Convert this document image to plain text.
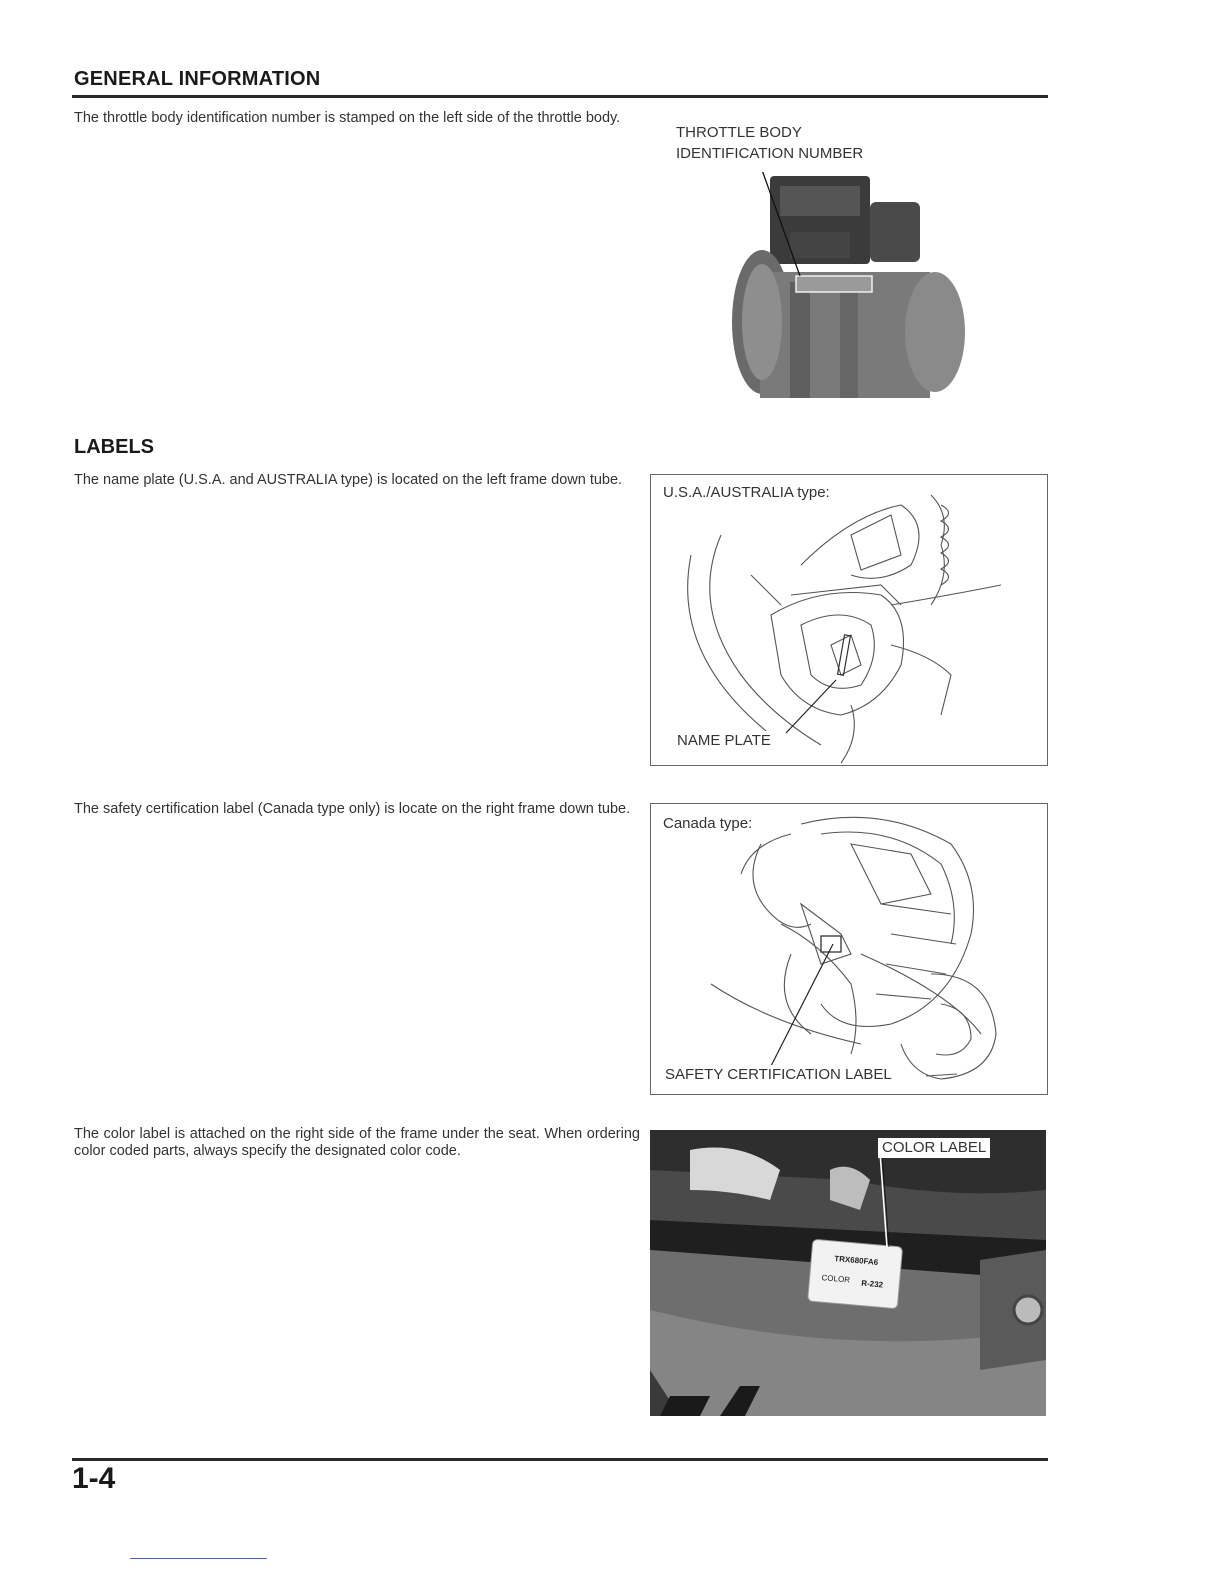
GENERAL INFORMATION
The throttle body identification number is stamped on the left side of the throttle body.
THROTTLE BODY
IDENTIFICATION NUMBER
LABELS
The name plate (U.S.A. and AUSTRALIA type) is located on the left frame down tube.
U.S.A./AUSTRALIA type:
NAME PLATE
The safety certification label (Canada type only) is locate on the right frame down tube.
Canada type:
SAFETY CERTIFICATION LABEL
The color label is attached on the right side of the frame under the seat. When ordering color coded parts, always specify the designated color code.
TRX680FA6
COLOR R-232
COLOR LABEL
1-4
